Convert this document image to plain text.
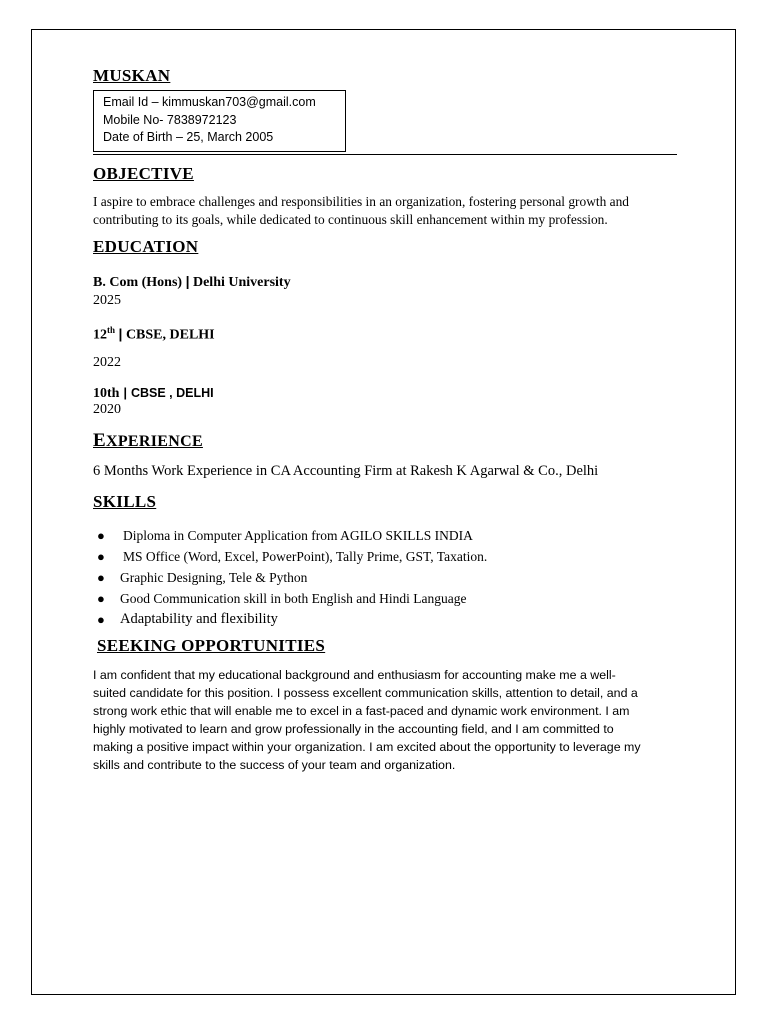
MUSKAN
Email Id – kimmuskan703@gmail.com
Mobile No- 7838972123
Date of Birth – 25, March 2005
OBJECTIVE
I aspire to embrace challenges and responsibilities in an organization, fostering personal growth and
contributing to its goals, while dedicated to continuous skill enhancement within my profession.
EDUCATION
B. Com (Hons) | Delhi University
2025
12th | CBSE, DELHI
2022
10th | CBSE , DELHI
2020
EXPERIENCE
6 Months Work Experience in CA Accounting Firm at Rakesh K Agarwal & Co., Delhi
SKILLS
● Diploma in Computer Application from AGILO SKILLS INDIA
● MS Office (Word, Excel, PowerPoint), Tally Prime, GST, Taxation.
● Graphic Designing, Tele & Python
● Good Communication skill in both English and Hindi Language
● Adaptability and flexibility
SEEKING OPPORTUNITIES

I am confident that my educational background and enthusiasm for accounting make me a well-

suited candidate for this position. I possess excellent communication skills, attention to detail, and a

strong work ethic that will enable me to excel in a fast-paced and dynamic work environment. I am

highly motivated to learn and grow professionally in the accounting field, and I am committed to

making a positive impact within your organization. I am excited about the opportunity to leverage my

skills and contribute to the success of your team and organization.
